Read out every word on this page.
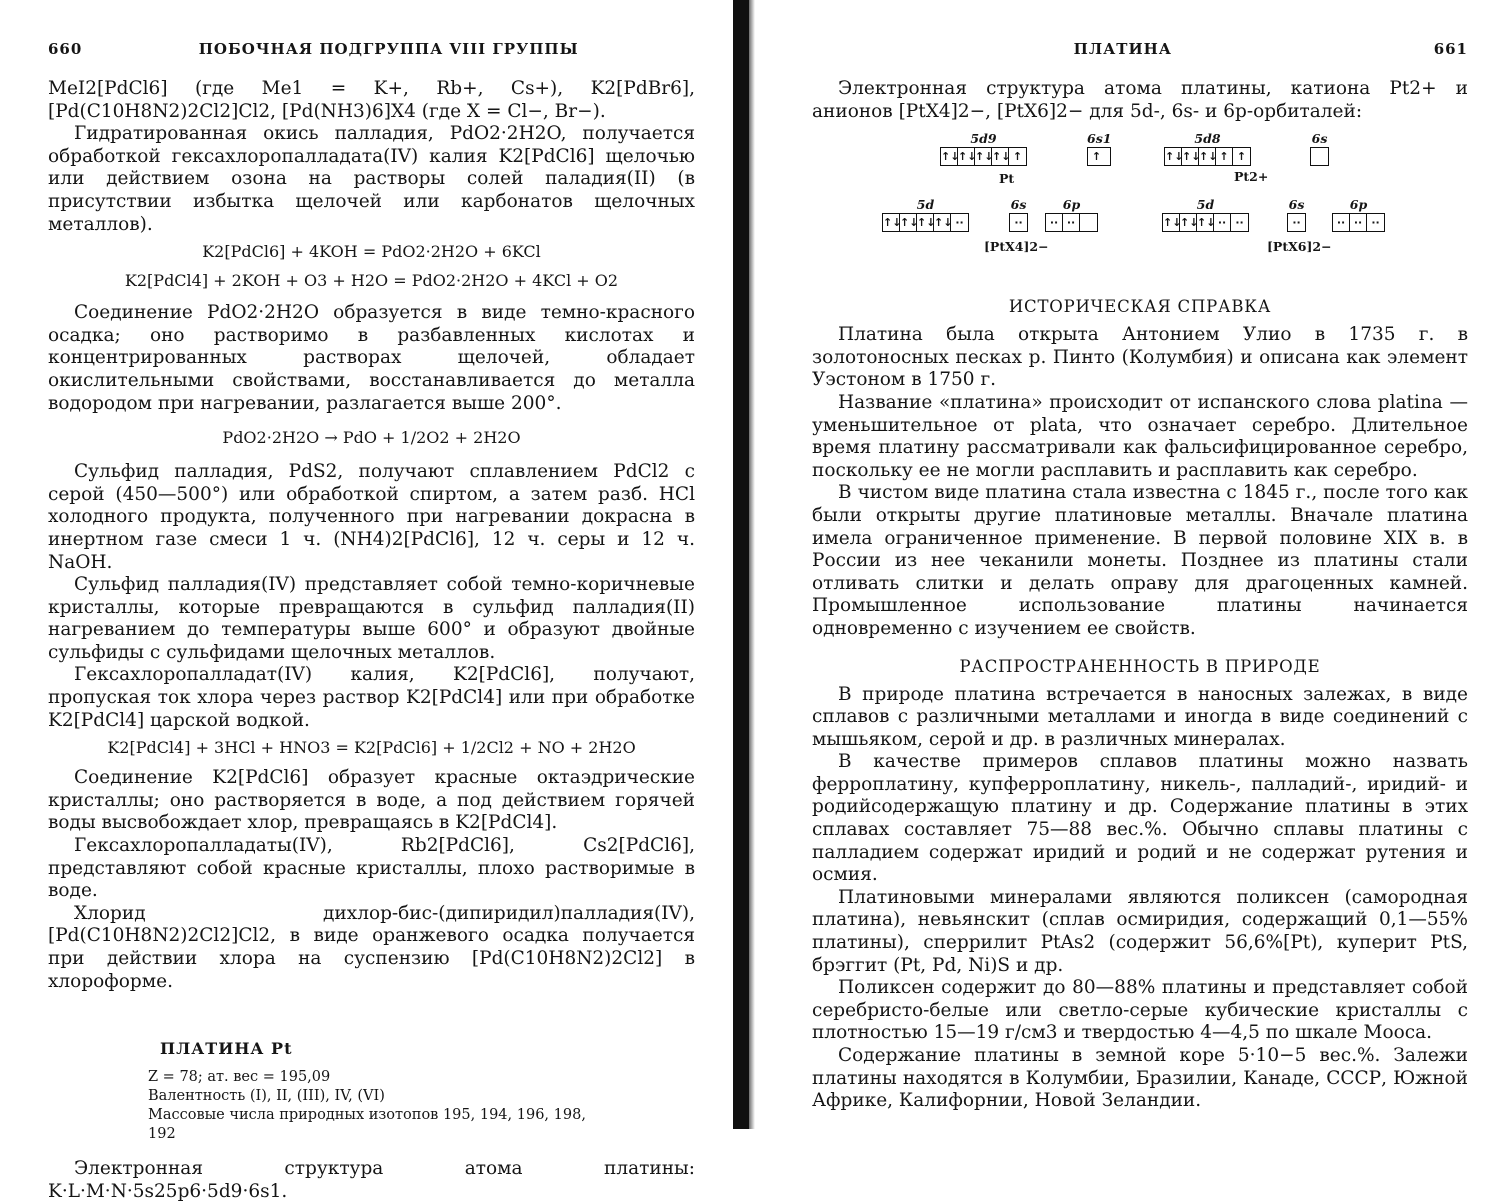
660	ПОБОЧНАЯ ПОДГРУППА VIII ГРУППЫ

MeI2[PdCl6] (где Me1 = K+, Rb+, Cs+), K2[PdBr6], [Pd(C10H8N2)2Cl2]Cl2, [Pd(NH3)6]X4 (где X = Cl−, Br−).

Гидратированная окись палладия, PdO2·2H2O, получается обработкой гексахлоропалладата(IV) калия K2[PdCl6] щелочью или действием озона на растворы солей паладия(II) (в присутствии избытка щелочей или карбонатов щелочных металлов).

K2[PdCl6] + 4KOH = PdO2·2H2O + 6KCl
K2[PdCl4] + 2KOH + O3 + H2O = PdO2·2H2O + 4KCl + O2

Соединение PdO2·2H2O образуется в виде темно-красного осадка; оно растворимо в разбавленных кислотах и концентрированных растворах щелочей, обладает окислительными свойствами, восстанавливается до металла водородом при нагревании, разлагается выше 200°.

PdO2·2H2O → PdO + 1/2O2 + 2H2O

Сульфид палладия, PdS2, получают сплавлением PdCl2 с серой (450—500°) или обработкой спиртом, а затем разб. HCl холодного продукта, полученного при нагревании докрасна в инертном газе смеси 1 ч. (NH4)2[PdCl6], 12 ч. серы и 12 ч. NaOH.

Сульфид палладия(IV) представляет собой темно-коричневые кристаллы, которые превращаются в сульфид палладия(II) нагреванием до температуры выше 600° и образуют двойные сульфиды с сульфидами щелочных металлов.

Гексахлоропалладат(IV) калия, K2[PdCl6], получают, пропуская ток хлора через раствор K2[PdCl4] или при обработке K2[PdCl4] царской водкой.

K2[PdCl4] + 3HCl + HNO3 = K2[PdCl6] + 1/2Cl2 + NO + 2H2O

Соединение K2[PdCl6] образует красные октаэдрические кристаллы; оно растворяется в воде, а под действием горячей воды высвобождает хлор, превращаясь в K2[PdCl4].

Гексахлоропалладаты(IV), Rb2[PdCl6], Cs2[PdCl6], представляют собой красные кристаллы, плохо растворимые в воде.

Хлорид дихлор-бис-(дипиридил)палладия(IV), [Pd(C10H8N2)2Cl2]Cl2, в виде оранжевого осадка получается при действии хлора на суспензию [Pd(C10H8N2)2Cl2] в хлороформе.

ПЛАТИНА Pt
Z = 78; ат. вес = 195,09
Валентность (I), II, (III), IV, (VI)
Массовые числа природных изотопов 195, 194, 196, 198, 192

Электронная структура атома платины: K·L·M·N·5s25p6·5d9·6s1.

ПЛАТИНА	661

Электронная структура атома платины, катиона Pt2+ и анионов [PtX4]2−, [PtX6]2− для 5d-, 6s- и 6p-орбиталей:

5d9
↑↓
↑↓
↑↓
↑↓ ↑
6s1
↑
Pt
5d8
↑↓
↑↓
↑↓ ↑ ↑
6s
Pt2+
5d
↑↓
↑↓
↑↓
↑↓ ··
6s
··
6p
·· ··
[PtX4]2−
5d
↑↓
↑↓
↑↓ ·· ··
6s
··
6p
·· ·· ··
[PtX6]2−
ИСТОРИЧЕСКАЯ СПРАВКА

Платина была открыта Антонием Улио в 1735 г. в золотоносных песках р. Пинто (Колумбия) и описана как элемент Уэстоном в 1750 г.

Название «платина» происходит от испанского слова platina — уменьшительное от plata, что означает серебро. Длительное время платину рассматривали как фальсифицированное серебро, поскольку ее не могли расплавить и расплавить как серебро.

В чистом виде платина стала известна с 1845 г., после того как были открыты другие платиновые металлы. Вначале платина имела ограниченное применение. В первой половине XIX в. в России из нее чеканили монеты. Позднее из платины стали отливать слитки и делать оправу для драгоценных камней. Промышленное использование платины начинается одновременно с изучением ее свойств.

РАСПРОСТРАНЕННОСТЬ В ПРИРОДЕ

В природе платина встречается в наносных залежах, в виде сплавов с различными металлами и иногда в виде соединений с мышьяком, серой и др. в различных минералах.

В качестве примеров сплавов платины можно назвать ферроплатину, купферроплатину, никель-, палладий-, иридий- и родийсодержащую платину и др. Содержание платины в этих сплавах составляет 75—88 вес.%. Обычно сплавы платины с палладием содержат иридий и родий и не содержат рутения и осмия.

Платиновыми минералами являются поликсен (самородная платина), невьянскит (сплав осмиридия, содержащий 0,1—55% платины), сперрилит PtAs2 (содержит 56,6%[Pt), куперит PtS, брэггит (Pt, Pd, Ni)S и др.

Поликсен содержит до 80—88% платины и представляет собой серебристо-белые или светло-серые кубические кристаллы с плотностью 15—19 г/см3 и твердостью 4—4,5 по шкале Мооса.

Содержание платины в земной коре 5·10−5 вес.%. Залежи платины находятся в Колумбии, Бразилии, Канаде, СССР, Южной Африке, Калифорнии, Новой Зеландии.
